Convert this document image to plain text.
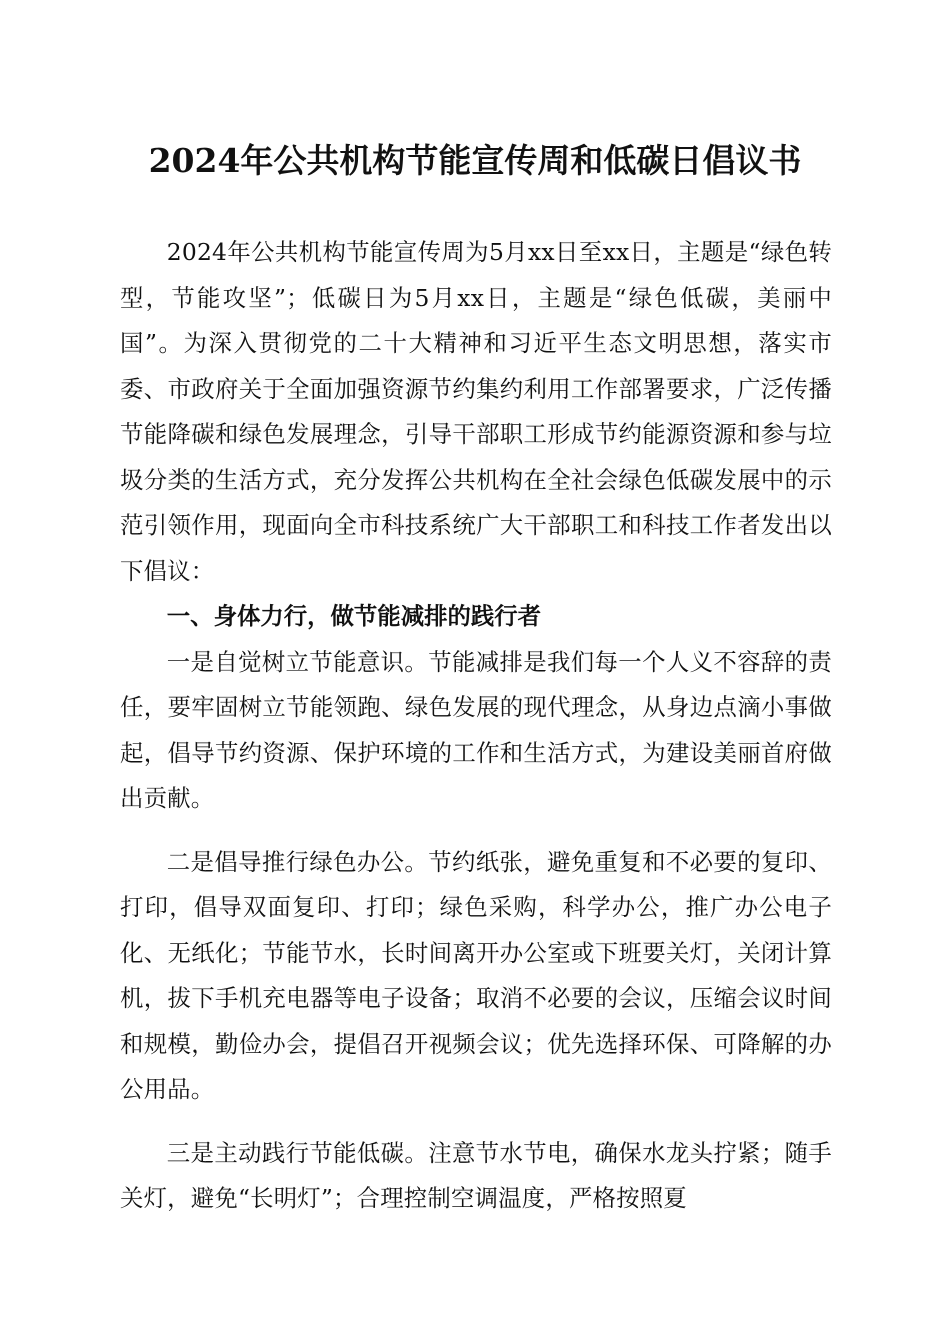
2024年公共机构节能宣传周和低碳日倡议书

2024年公共机构节能宣传周为5月xx日至xx日，主题是“绿色转型，节能攻坚”；低碳日为5月xx日，主题是“绿色低碳，美丽中国”。为深入贯彻党的二十大精神和习近平生态文明思想，落实市委、市政府关于全面加强资源节约集约利用工作部署要求，广泛传播节能降碳和绿色发展理念，引导干部职工形成节约能源资源和参与垃圾分类的生活方式，充分发挥公共机构在全社会绿色低碳发展中的示范引领作用，现面向全市科技系统广大干部职工和科技工作者发出以下倡议：

一、身体力行，做节能减排的践行者

一是自觉树立节能意识。节能减排是我们每一个人义不容辞的责任，要牢固树立节能领跑、绿色发展的现代理念，从身边点滴小事做起，倡导节约资源、保护环境的工作和生活方式，为建设美丽首府做出贡献。

二是倡导推行绿色办公。节约纸张，避免重复和不必要的复印、打印，倡导双面复印、打印；绿色采购，科学办公，推广办公电子化、无纸化；节能节水，长时间离开办公室或下班要关灯，关闭计算机，拔下手机充电器等电子设备；取消不必要的会议，压缩会议时间和规模，勤俭办会，提倡召开视频会议；优先选择环保、可降解的办公用品。

三是主动践行节能低碳。注意节水节电，确保水龙头拧紧；随手关灯，避免“长明灯”；合理控制空调温度，严格按照夏
